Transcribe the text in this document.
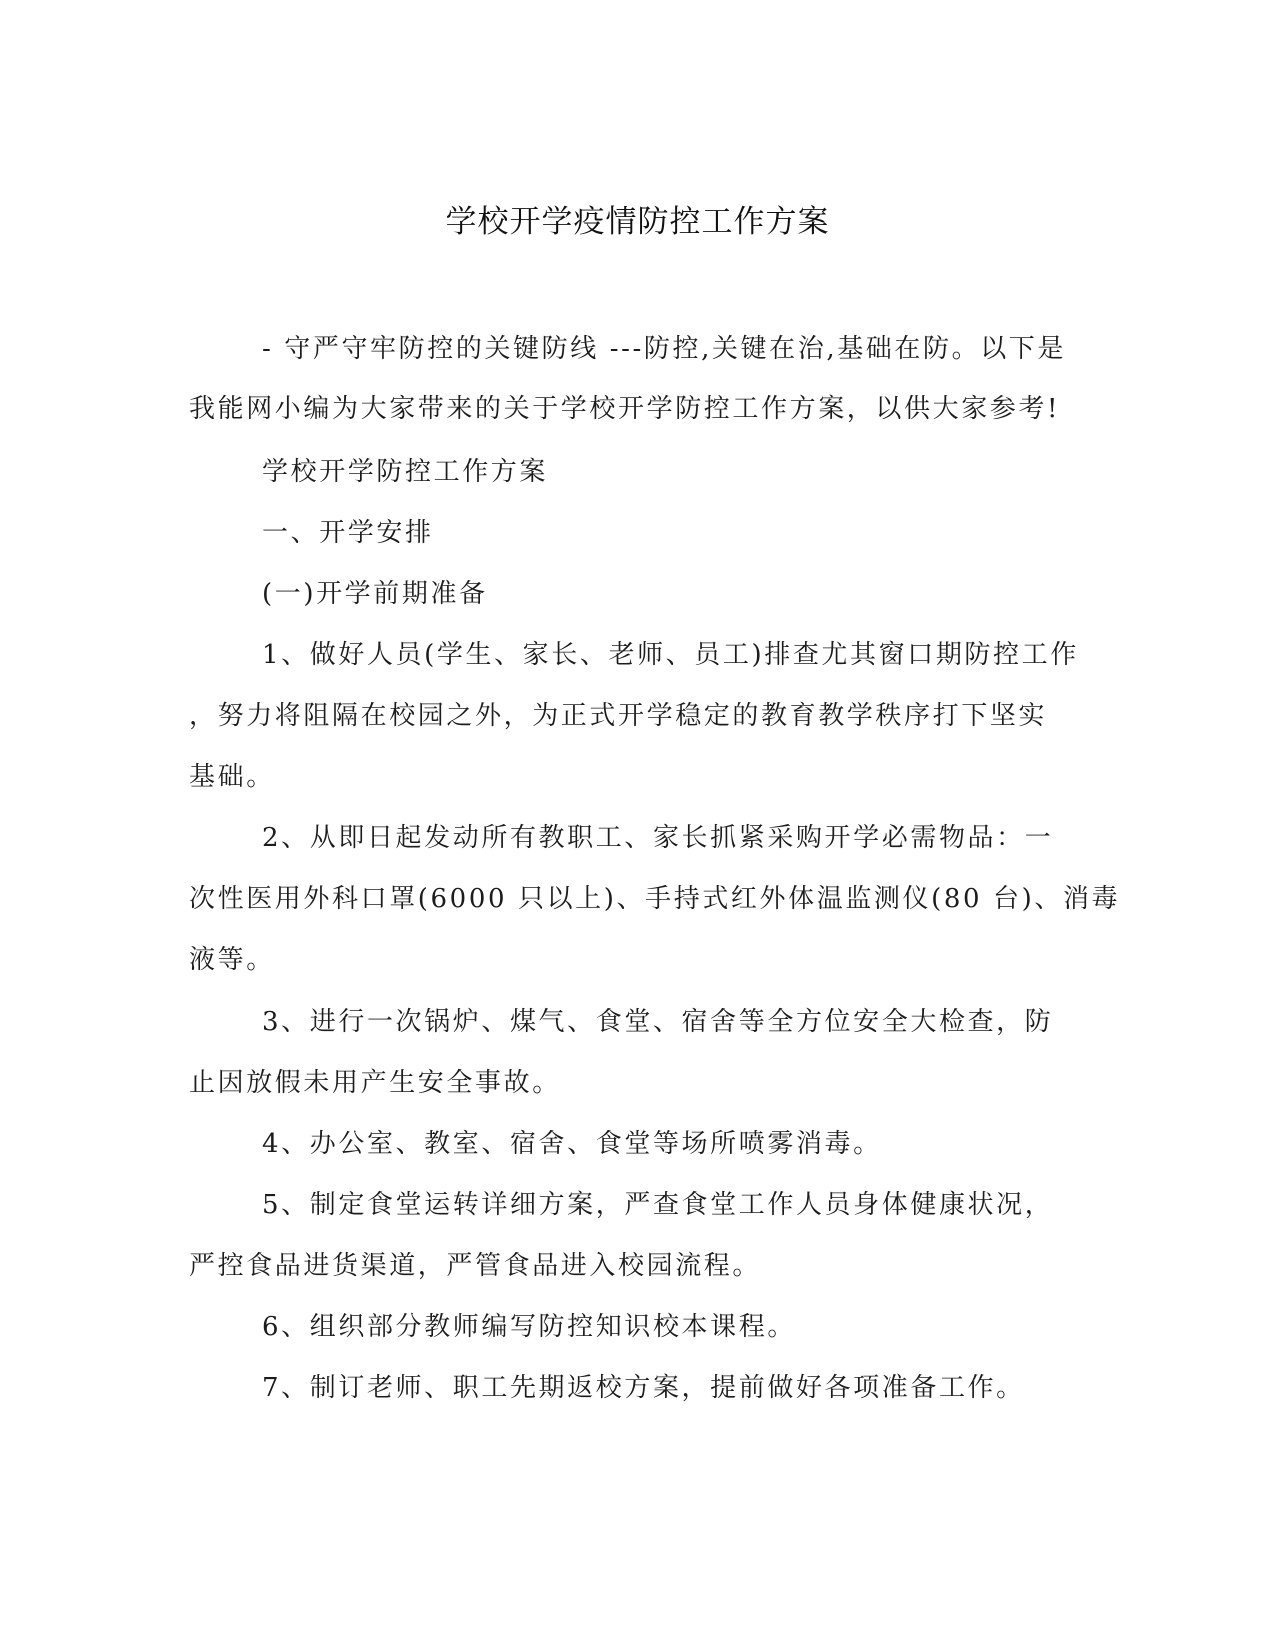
学校开学疫情防控工作方案
- 守严守牢防控的关键防线 ---防控,关键在治,基础在防。以下是
我能网小编为大家带来的关于学校开学防控工作方案，以供大家参考!
学校开学防控工作方案
一、开学安排
(一)开学前期准备
1、做好人员(学生、家长、老师、员工)排查尤其窗口期防控工作
，努力将阻隔在校园之外，为正式开学稳定的教育教学秩序打下坚实
基础。
2、从即日起发动所有教职工、家长抓紧采购开学必需物品：一
次性医用外科口罩(6000 只以上)、手持式红外体温监测仪(80 台)、消毒
液等。
3、进行一次锅炉、煤气、食堂、宿舍等全方位安全大检查，防
止因放假未用产生安全事故。
4、办公室、教室、宿舍、食堂等场所喷雾消毒。
5、制定食堂运转详细方案，严查食堂工作人员身体健康状况，
严控食品进货渠道，严管食品进入校园流程。
6、组织部分教师编写防控知识校本课程。
7、制订老师、职工先期返校方案，提前做好各项准备工作。
